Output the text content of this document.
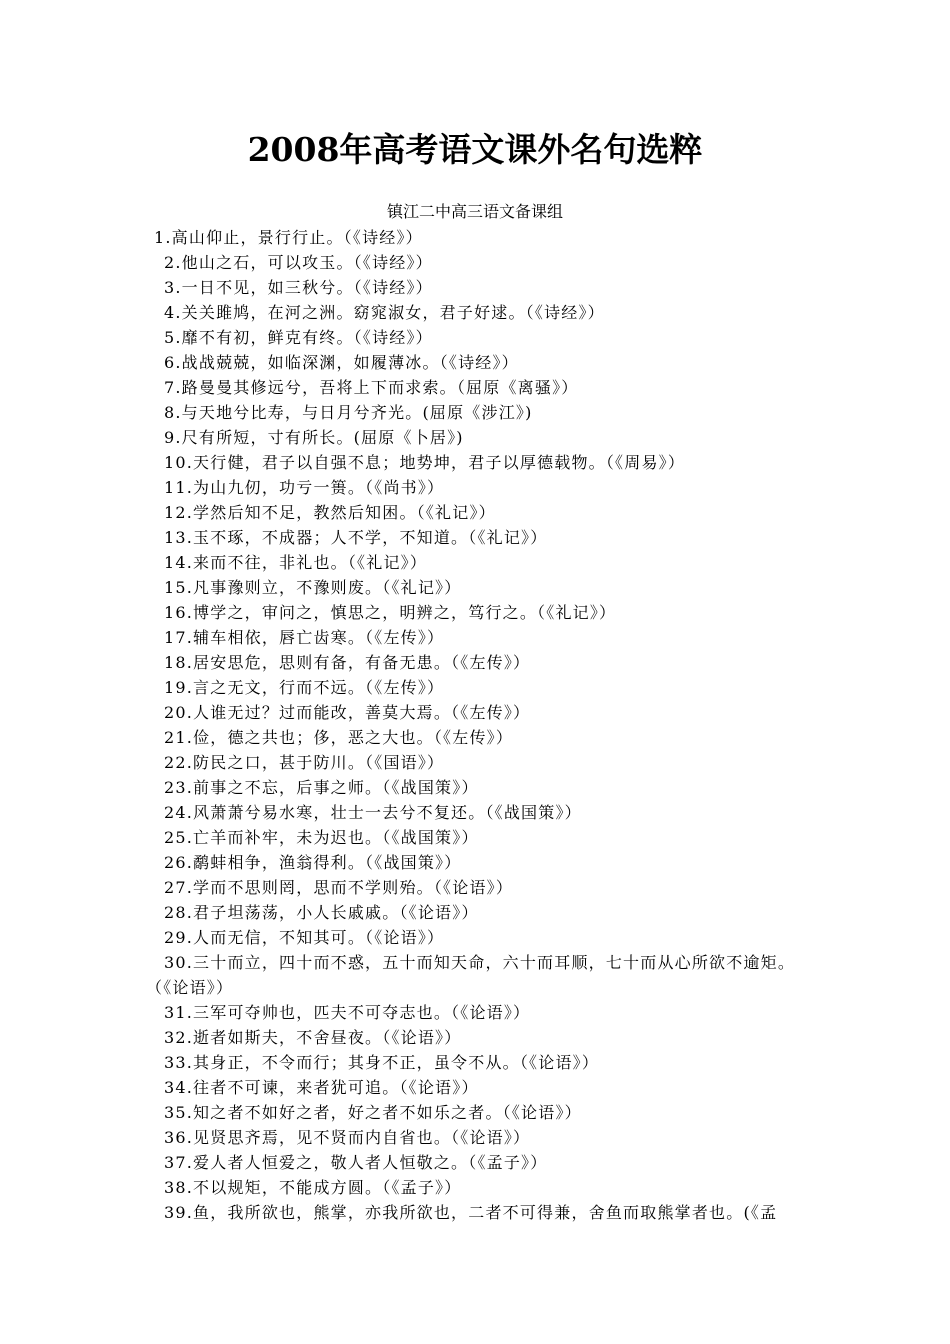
2008年高考语文课外名句选粹
镇江二中高三语文备课组
1.高山仰止，景行行止。（《诗经》）
2.他山之石，可以攻玉。（《诗经》）
3.一日不见，如三秋兮。（《诗经》）
4.关关雎鸠，在河之洲。窈窕淑女，君子好逑。（《诗经》）
5.靡不有初，鲜克有终。（《诗经》）
6.战战兢兢，如临深渊，如履薄冰。（《诗经》）
7.路曼曼其修远兮，吾将上下而求索。（屈原《离骚》）
8.与天地兮比寿，与日月兮齐光。(屈原《涉江》)
9.尺有所短，寸有所长。(屈原《卜居》)
10.天行健，君子以自强不息；地势坤，君子以厚德载物。（《周易》）
11.为山九仞，功亏一篑。（《尚书》）
12.学然后知不足，教然后知困。（《礼记》）
13.玉不琢，不成器；人不学，不知道。（《礼记》）
14.来而不往，非礼也。（《礼记》）
15.凡事豫则立，不豫则废。（《礼记》）
16.博学之，审问之，慎思之，明辨之，笃行之。（《礼记》）
17.辅车相依，唇亡齿寒。（《左传》）
18.居安思危，思则有备，有备无患。（《左传》）
19.言之无文，行而不远。（《左传》）
20.人谁无过？过而能改，善莫大焉。（《左传》）
21.俭，德之共也；侈，恶之大也。（《左传》）
22.防民之口，甚于防川。（《国语》）
23.前事之不忘，后事之师。（《战国策》）
24.风萧萧兮易水寒，壮士一去兮不复还。（《战国策》）
25.亡羊而补牢，未为迟也。（《战国策》）
26.鹬蚌相争，渔翁得利。（《战国策》）
27.学而不思则罔，思而不学则殆。（《论语》）
28.君子坦荡荡，小人长戚戚。（《论语》）
29.人而无信，不知其可。（《论语》）
30.三十而立，四十而不惑，五十而知天命，六十而耳顺，七十而从心所欲不逾矩。（《论语》）
31.三军可夺帅也，匹夫不可夺志也。（《论语》）
32.逝者如斯夫，不舍昼夜。（《论语》）
33.其身正，不令而行；其身不正，虽令不从。（《论语》）
34.往者不可谏，来者犹可追。（《论语》）
35.知之者不如好之者，好之者不如乐之者。（《论语》）
36.见贤思齐焉，见不贤而内自省也。（《论语》）
37.爱人者人恒爱之，敬人者人恒敬之。（《孟子》）
38.不以规矩，不能成方圆。（《孟子》）
39.鱼，我所欲也，熊掌，亦我所欲也，二者不可得兼，舍鱼而取熊掌者也。(《孟
